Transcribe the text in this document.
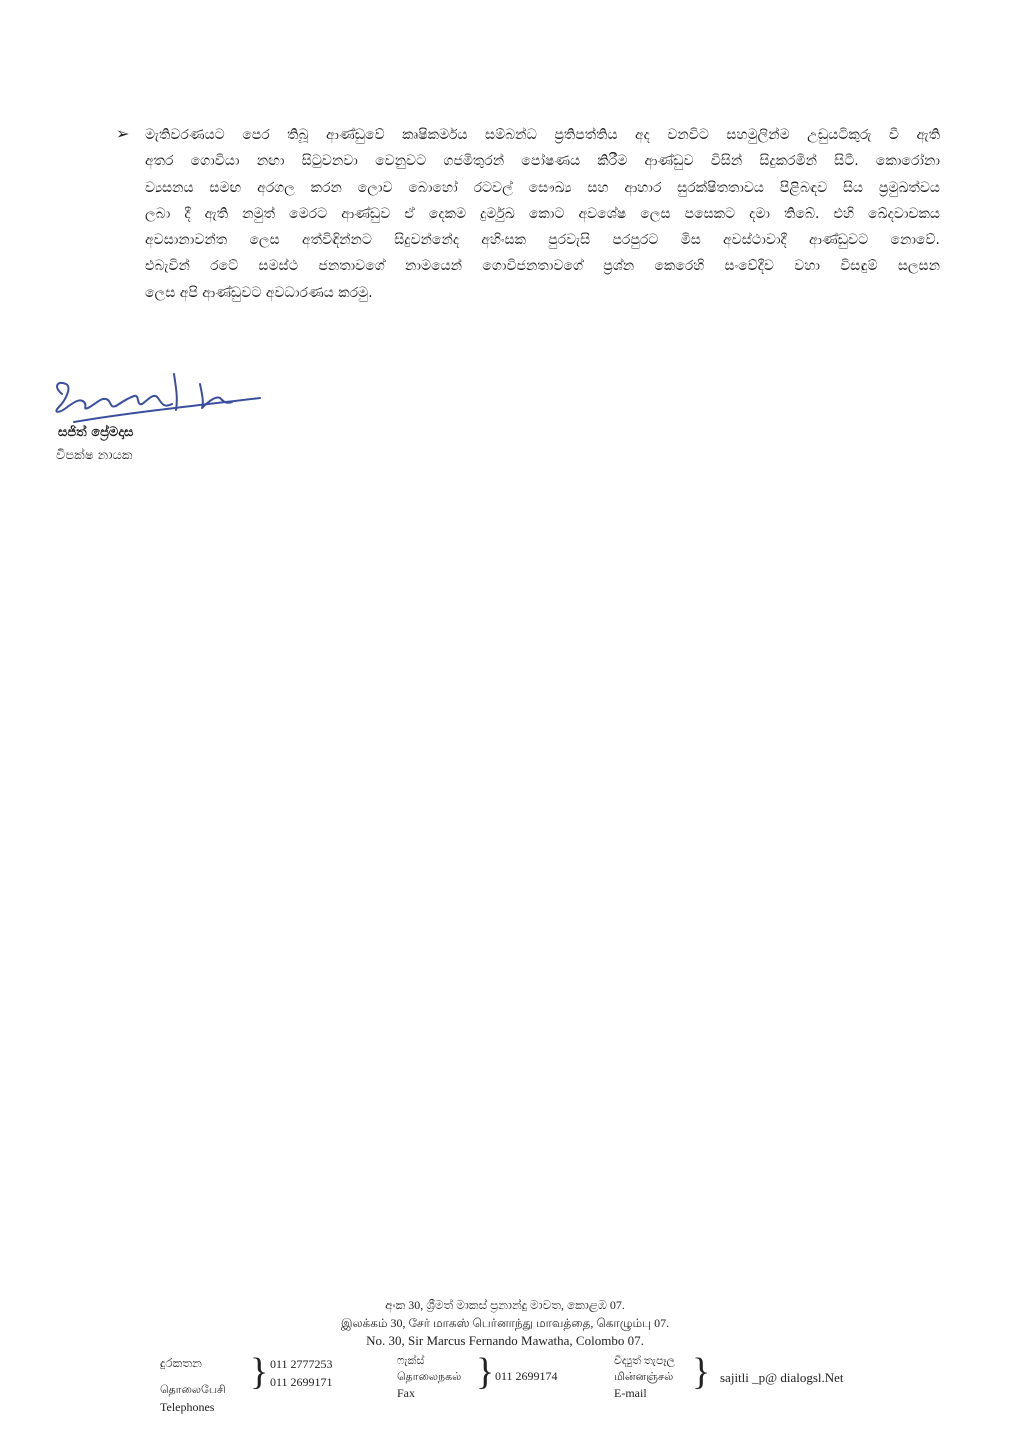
➢ මැතිවරණයට පෙර තිබූ ආණ්ඩුවේ කෘෂිකර්මය සම්බන්ධ ප්‍රතිපත්තිය අද වනවිට සහමුලින්ම උඩුයටිකුරු වී ඇති
අතර ගොවියා නඟා සිටුවනවා වෙනුවට ගජමිතුරන් පෝෂණය කිරීම ආණ්ඩුව විසින් සිදුකරමින් සිටී. කොරෝනා
ව්‍යසනය සමඟ අරගල කරන ලොව බොහෝ රටවල් සෞඛ්‍ය සහ ආහාර සුරක්ෂිතතාවය පිළිබඳව සිය ප්‍රමුඛත්වය
ලබා දී ඇති නමුත් මෙරට ආණ්ඩුව ඒ දෙකම දුර්මුඛ කොට අවශේෂ ලෙස පසෙකට දමා තිබේ. එහි ඛේදවාචකය
අවසානාවන්ත ලෙස අත්විඳින්නට සිදුවන්නේද අහිංසක පුරවැසි පරපුරට මිස අවස්ථාවාදී ආණ්ඩුවට නොවේ.
එබැවින් රටේ සමස්ථ ජනතාවගේ නාමයෙන් ගොවිජනතාවගේ ප්‍රශ්න කෙරෙහි සංවේදීව වහා විසඳුම් සලසන
ලෙස අපි ආණ්ඩුවට අවධාරණය කරමු.
සජිත් ප්‍රේමදාස
විපක්ෂ නායක
අංක 30, ශ්‍රීමත් මාකස් ප්‍රනාන්දු මාවත, කොළඹ 07.
இலக்கம் 30, சேர் மாகஸ் பெர்னாந்து மாவத்தை, கொழும்பு 07.
No. 30, Sir Marcus Fernando Mawatha, Colombo 07.
දුරකතන
தொலைபேசி
Telephones
} 011 2777253
011 2699171
ෆැක්ස්
தொலைநகல்
Fax } 011 2699174
විද්‍යුත් තැපෑල
மின்னஞ்சல்
E-mail } sajitli _p@ dialogsl.Net
